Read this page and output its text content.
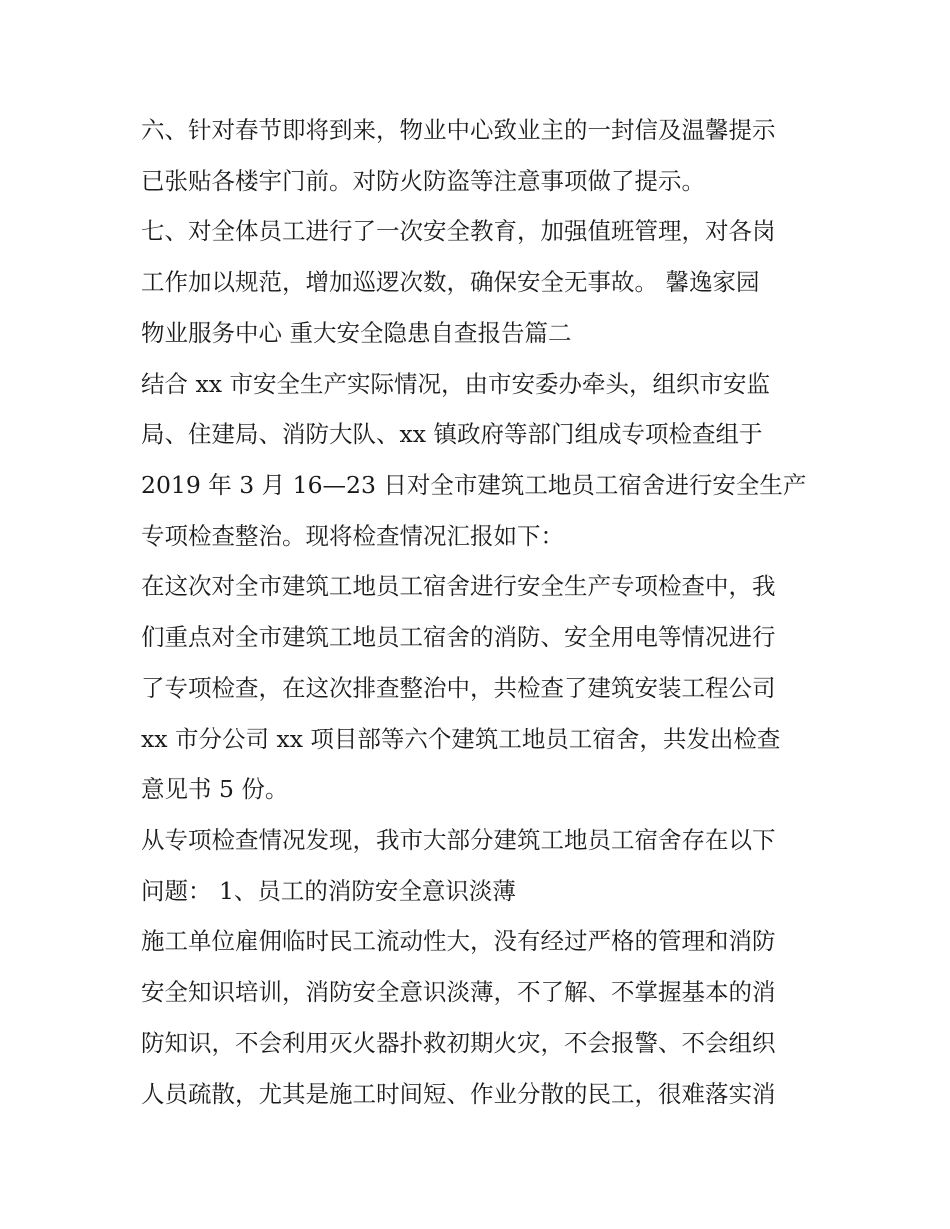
六、针对春节即将到来，物业中心致业主的一封信及温馨提示

已张贴各楼宇门前。对防火防盗等注意事项做了提示。

七、对全体员工进行了一次安全教育，加强值班管理，对各岗

工作加以规范，增加巡逻次数，确保安全无事故。 馨逸家园

物业服务中心 重大安全隐患自查报告篇二

结合 xx 市安全生产实际情况，由市安委办牵头，组织市安监

局、住建局、消防大队、xx 镇政府等部门组成专项检查组于

2019 年 3 月 16—23 日对全市建筑工地员工宿舍进行安全生产

专项检查整治。现将检查情况汇报如下：

在这次对全市建筑工地员工宿舍进行安全生产专项检查中，我

们重点对全市建筑工地员工宿舍的消防、安全用电等情况进行

了专项检查，在这次排查整治中，共检查了建筑安装工程公司

xx 市分公司 xx 项目部等六个建筑工地员工宿舍，共发出检查

意见书 5 份。

从专项检查情况发现，我市大部分建筑工地员工宿舍存在以下

问题： 1、员工的消防安全意识淡薄

施工单位雇佣临时民工流动性大，没有经过严格的管理和消防

安全知识培训，消防安全意识淡薄，不了解、不掌握基本的消

防知识，不会利用灭火器扑救初期火灾，不会报警、不会组织

人员疏散，尤其是施工时间短、作业分散的民工，很难落实消
